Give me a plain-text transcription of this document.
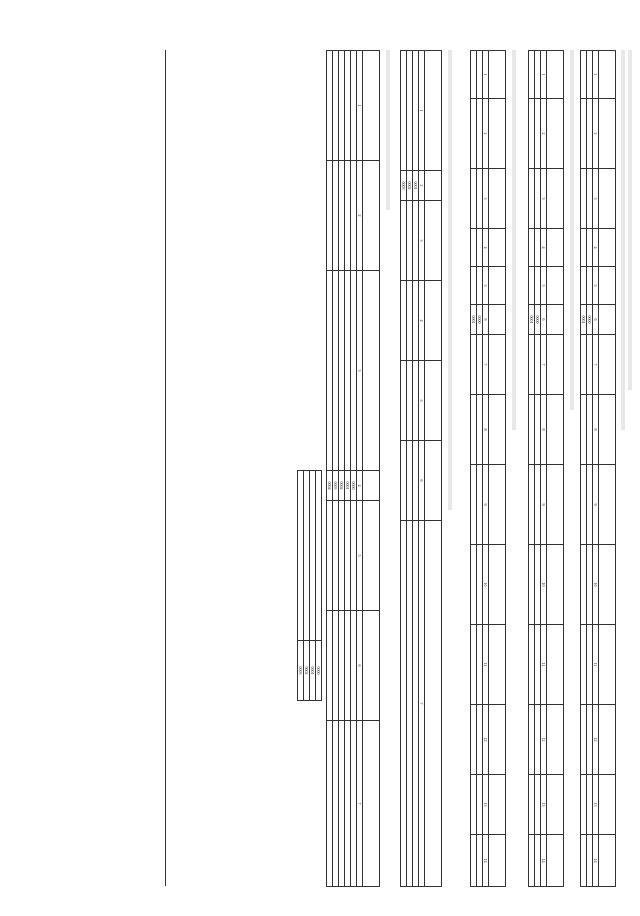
1	2	3	4	5	6	7	8	9	10	11	12	13	14
					0000								
					0001								

1	2	3	4	5	6	7	8	9	10	11	12	13	14
					0000								
					0001								

1	2	3	4	5	6	7	8	9	10	11	12	13	14
					0000								
					0001								

1	2	3	4	5	6	7
	0001					
	0002					
	0003					

1	2	3	4	5	6	7
			0000			
			0001			
			0002			
			0003			
			0004			
	0000
	0001
	0002
	0003
